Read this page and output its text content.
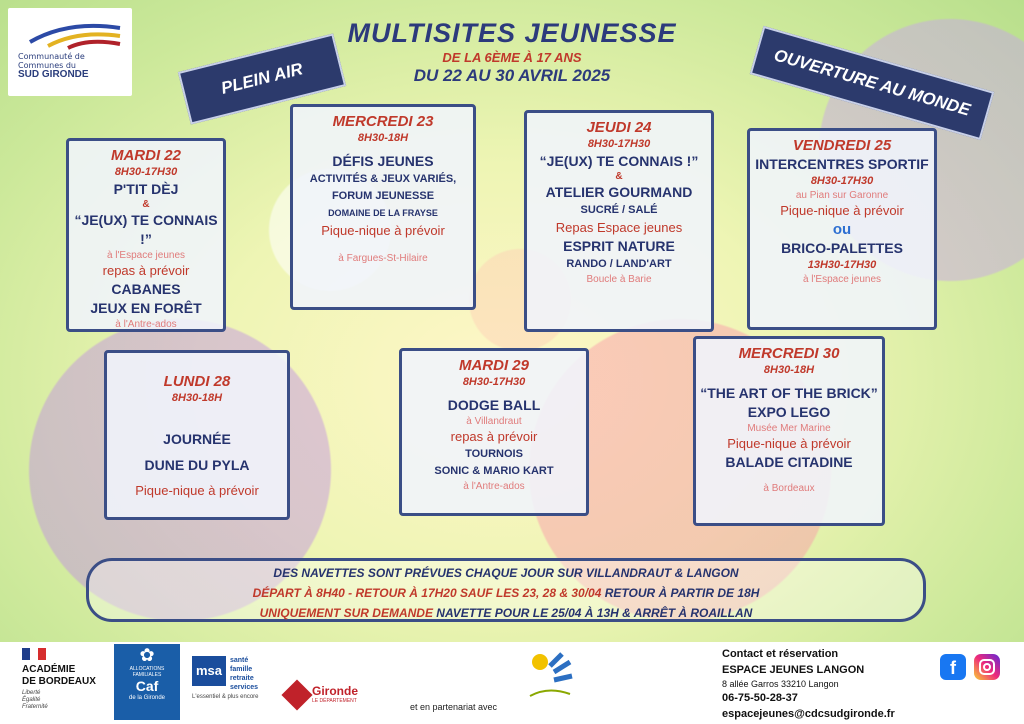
Communauté de
Communes du
SUD GIRONDE
MULTISITES JEUNESSE
DE LA 6ÈME À 17 ANS
DU 22 AU 30 AVRIL 2025
PLEIN AIR	OUVERTURE AU MONDE
MARDI 22
8H30-17H30
P'TIT DÈJ
&
“JE(UX) TE CONNAIS !”
à l'Espace jeunes
repas à prévoir
CABANES
JEUX EN FORÊT
à l'Antre-ados
MERCREDI 23
8H30-18H
DÉFIS JEUNES
ACTIVITÉS & JEUX VARIÉS,
FORUM JEUNESSE
DOMAINE DE LA FRAYSE
Pique-nique à prévoir
à Fargues-St-Hilaire
JEUDI 24
8H30-17H30
“JE(UX) TE CONNAIS !”
&
ATELIER GOURMAND
SUCRÉ / SALÉ
Repas Espace jeunes
ESPRIT NATURE
RANDO / LAND'ART
Boucle à Barie
VENDREDI 25
INTERCENTRES SPORTIF
8H30-17H30
au Pian sur Garonne
Pique-nique à prévoir
ou
BRICO-PALETTES
13H30-17H30
à l'Espace jeunes
LUNDI 28
8H30-18H
JOURNÉE
DUNE DU PYLA
Pique-nique à prévoir
MARDI 29
8H30-17H30
DODGE BALL
à Villandraut
repas à prévoir
TOURNOIS
SONIC & MARIO KART
à l'Antre-ados
MERCREDI 30
8H30-18H
“THE ART OF THE BRICK”
EXPO LEGO
Musée Mer Marine
Pique-nique à prévoir
BALADE CITADINE
à Bordeaux
DES NAVETTES SONT PRÉVUES CHAQUE JOUR SUR VILLANDRAUT & LANGON
DÉPART À 8H40 - RETOUR À 17H20 SAUF LES 23, 28 & 30/04 RETOUR À PARTIR DE 18H
UNIQUEMENT SUR DEMANDE NAVETTE POUR LE 25/04 À 13H & ARRÊT À ROAILLAN
ACADÉMIE
DE BORDEAUX
Liberté
Égalité
Fraternité
✿
ALLOCATIONS
FAMILIALES
Caf
de la Gironde
msa
santé
famille
retraite
services
L'essentiel & plus encore	Gironde
LE DÉPARTEMENT
et en partenariat avec
Contact et réservation
ESPACE JEUNES LANGON
8 allée Garros 33210 Langon
06-75-50-28-37
espacejeunes@cdcsudgironde.fr
f
